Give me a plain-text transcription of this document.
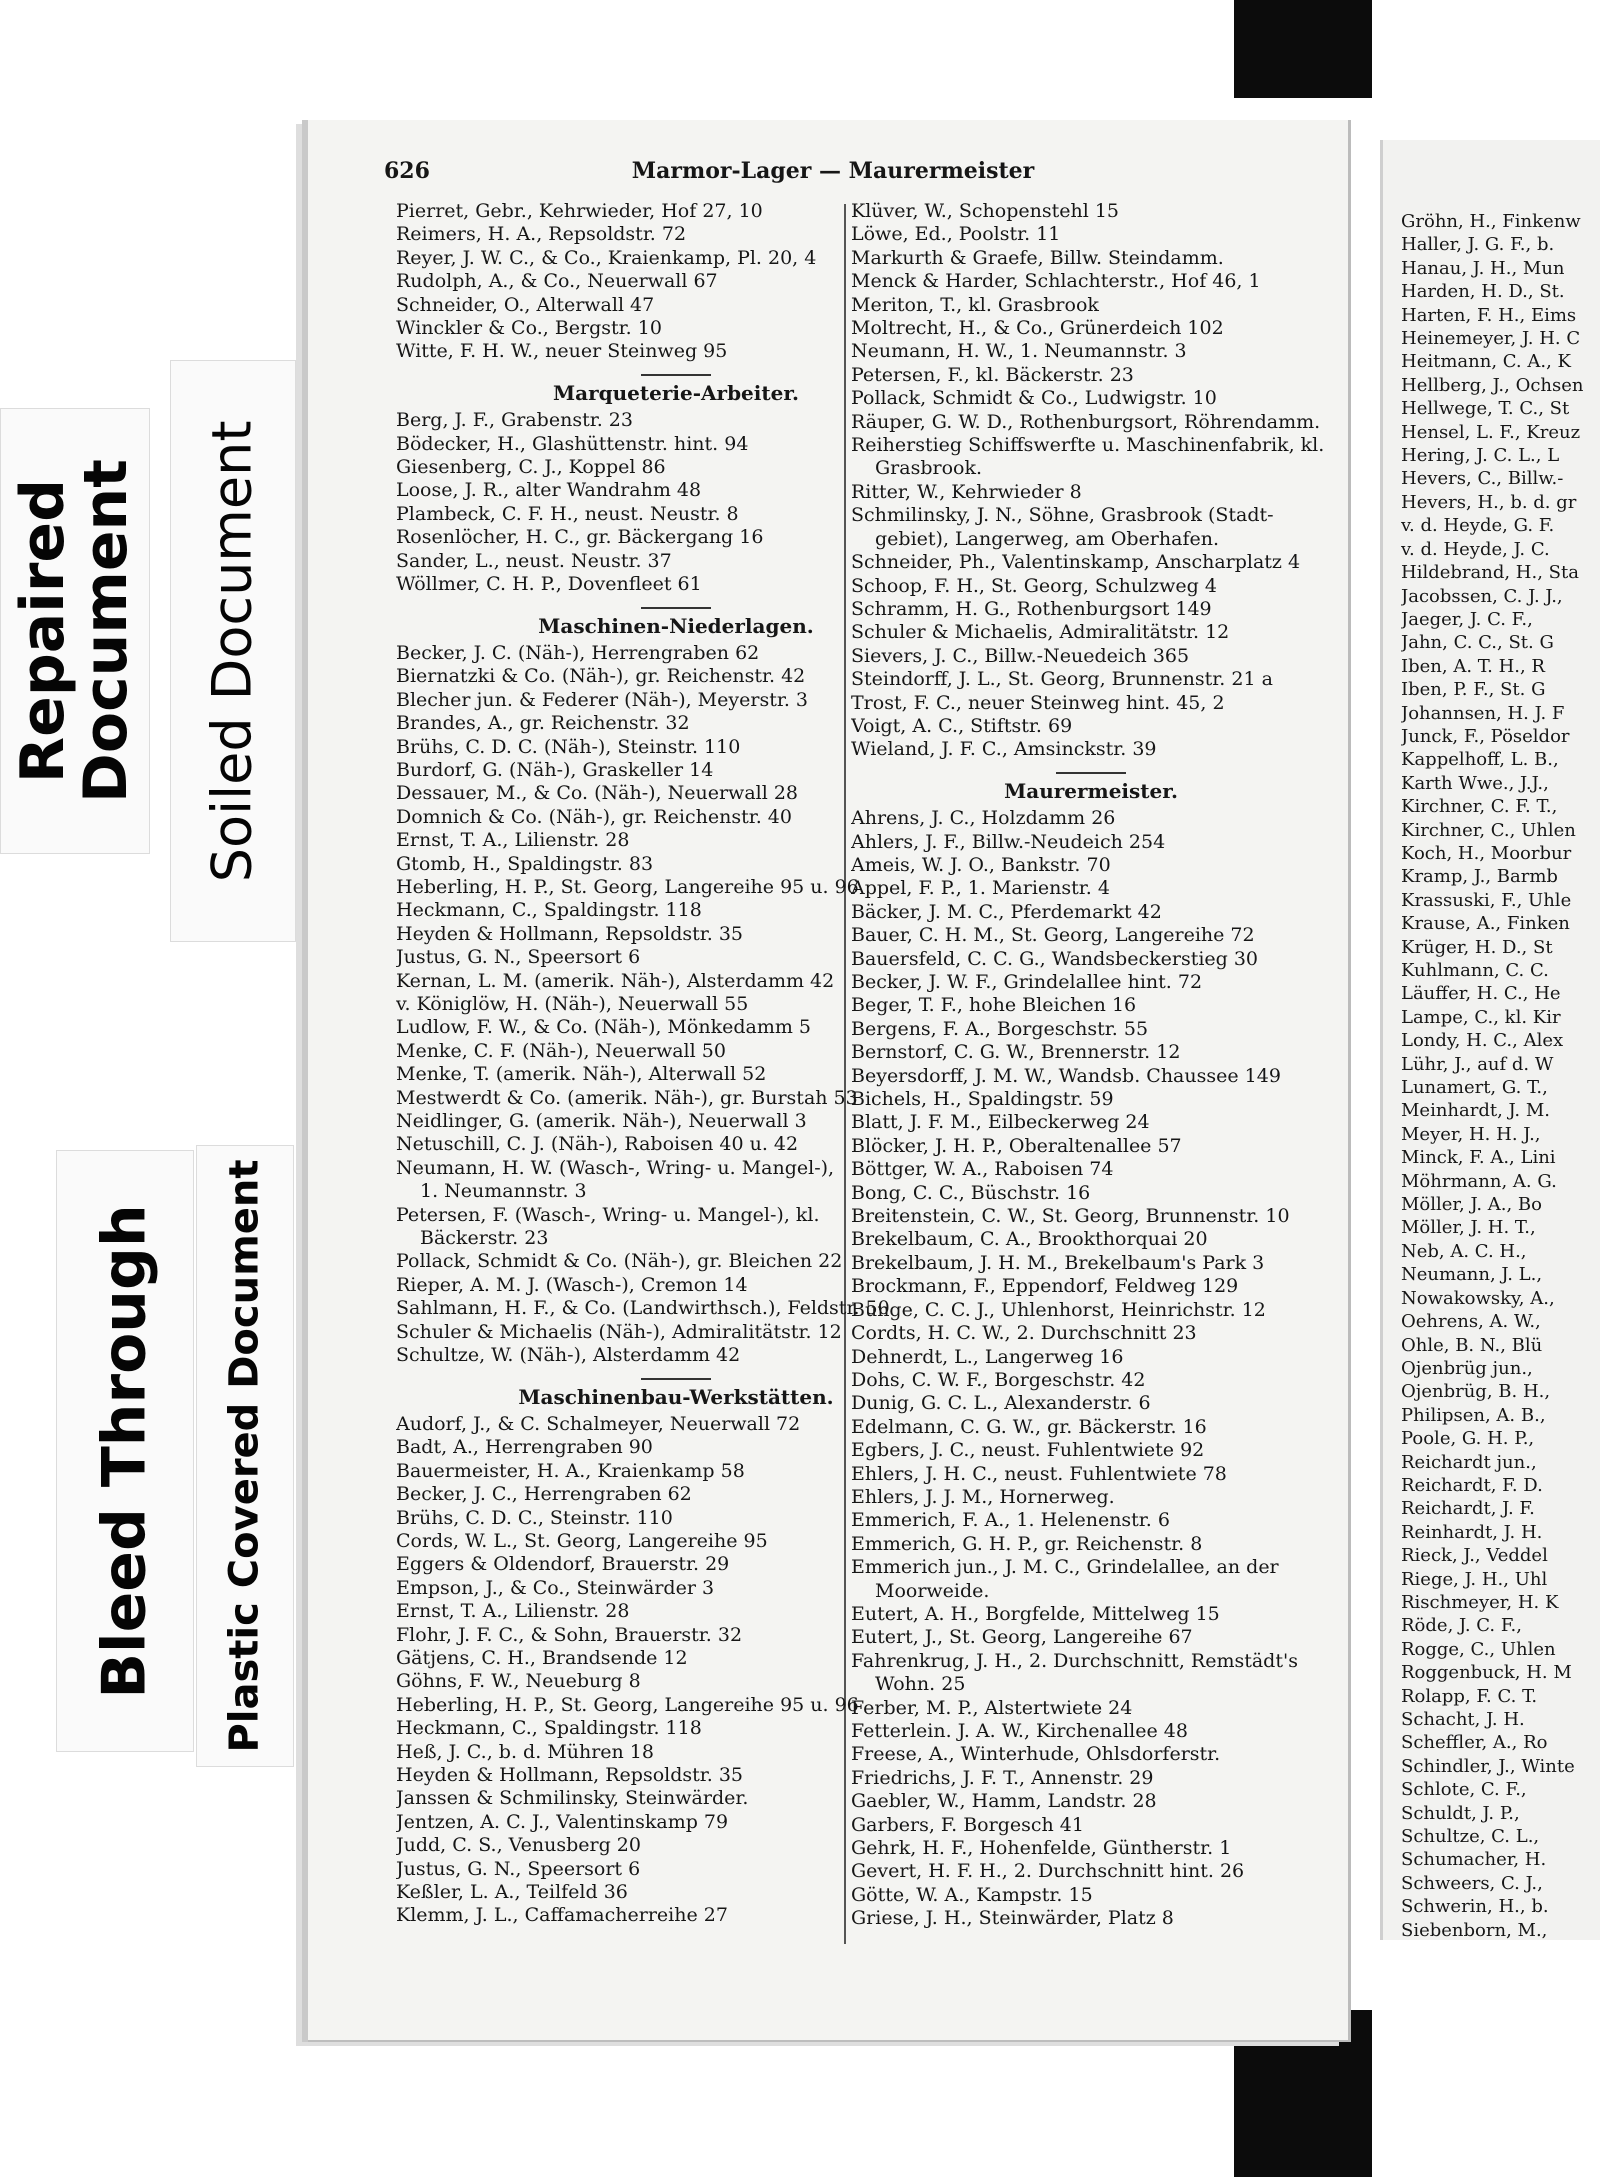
Repaired
Document Soiled Document
Bleed Through Plastic Covered Document
626	Marmor-Lager — Maurermeister
Pierret, Gebr., Kehrwieder, Hof 27, 10
Reimers, H. A., Repsoldstr. 72
Reyer, J. W. C., & Co., Kraienkamp, Pl. 20, 4
Rudolph, A., & Co., Neuerwall 67
Schneider, O., Alterwall 47
Winckler & Co., Bergstr. 10
Witte, F. H. W., neuer Steinweg 95
Marqueterie-Arbeiter.
Berg, J. F., Grabenstr. 23
Bödecker, H., Glashüttenstr. hint. 94
Giesenberg, C. J., Koppel 86
Loose, J. R., alter Wandrahm 48
Plambeck, C. F. H., neust. Neustr. 8
Rosenlöcher, H. C., gr. Bäckergang 16
Sander, L., neust. Neustr. 37
Wöllmer, C. H. P., Dovenfleet 61
Maschinen-Niederlagen.
Becker, J. C. (Näh-), Herrengraben 62
Biernatzki & Co. (Näh-), gr. Reichenstr. 42
Blecher jun. & Federer (Näh-), Meyerstr. 3
Brandes, A., gr. Reichenstr. 32
Brühs, C. D. C. (Näh-), Steinstr. 110
Burdorf, G. (Näh-), Graskeller 14
Dessauer, M., & Co. (Näh-), Neuerwall 28
Domnich & Co. (Näh-), gr. Reichenstr. 40
Ernst, T. A., Lilienstr. 28
Gtomb, H., Spaldingstr. 83
Heberling, H. P., St. Georg, Langereihe 95 u. 96
Heckmann, C., Spaldingstr. 118
Heyden & Hollmann, Repsoldstr. 35
Justus, G. N., Speersort 6
Kernan, L. M. (amerik. Näh-), Alsterdamm 42
v. Königlöw, H. (Näh-), Neuerwall 55
Ludlow, F. W., & Co. (Näh-), Mönkedamm 5
Menke, C. F. (Näh-), Neuerwall 50
Menke, T. (amerik. Näh-), Alterwall 52
Mestwerdt & Co. (amerik. Näh-), gr. Burstah 53
Neidlinger, G. (amerik. Näh-), Neuerwall 3
Netuschill, C. J. (Näh-), Raboisen 40 u. 42
Neumann, H. W. (Wasch-, Wring- u. Mangel-),
1. Neumannstr. 3
Petersen, F. (Wasch-, Wring- u. Mangel-), kl.
Bäckerstr. 23
Pollack, Schmidt & Co. (Näh-), gr. Bleichen 22
Rieper, A. M. J. (Wasch-), Cremon 14
Sahlmann, H. F., & Co. (Landwirthsch.), Feldstr. 50
Schuler & Michaelis (Näh-), Admiralitätstr. 12
Schultze, W. (Näh-), Alsterdamm 42
Maschinenbau-Werkstätten.
Audorf, J., & C. Schalmeyer, Neuerwall 72
Badt, A., Herrengraben 90
Bauermeister, H. A., Kraienkamp 58
Becker, J. C., Herrengraben 62
Brühs, C. D. C., Steinstr. 110
Cords, W. L., St. Georg, Langereihe 95
Eggers & Oldendorf, Brauerstr. 29
Empson, J., & Co., Steinwärder 3
Ernst, T. A., Lilienstr. 28
Flohr, J. F. C., & Sohn, Brauerstr. 32
Gätjens, C. H., Brandsende 12
Göhns, F. W., Neueburg 8
Heberling, H. P., St. Georg, Langereihe 95 u. 96
Heckmann, C., Spaldingstr. 118
Heß, J. C., b. d. Mühren 18
Heyden & Hollmann, Repsoldstr. 35
Janssen & Schmilinsky, Steinwärder.
Jentzen, A. C. J., Valentinskamp 79
Judd, C. S., Venusberg 20
Justus, G. N., Speersort 6
Keßler, L. A., Teilfeld 36
Klemm, J. L., Caffamacherreihe 27
Klüver, W., Schopenstehl 15
Löwe, Ed., Poolstr. 11
Markurth & Graefe, Billw. Steindamm.
Menck & Harder, Schlachterstr., Hof 46, 1
Meriton, T., kl. Grasbrook
Moltrecht, H., & Co., Grünerdeich 102
Neumann, H. W., 1. Neumannstr. 3
Petersen, F., kl. Bäckerstr. 23
Pollack, Schmidt & Co., Ludwigstr. 10
Räuper, G. W. D., Rothenburgsort, Röhrendamm.
Reiherstieg Schiffswerfte u. Maschinenfabrik, kl.
Grasbrook.
Ritter, W., Kehrwieder 8
Schmilinsky, J. N., Söhne, Grasbrook (Stadt-
gebiet), Langerweg, am Oberhafen.
Schneider, Ph., Valentinskamp, Anscharplatz 4
Schoop, F. H., St. Georg, Schulzweg 4
Schramm, H. G., Rothenburgsort 149
Schuler & Michaelis, Admiralitätstr. 12
Sievers, J. C., Billw.-Neuedeich 365
Steindorff, J. L., St. Georg, Brunnenstr. 21 a
Trost, F. C., neuer Steinweg hint. 45, 2
Voigt, A. C., Stiftstr. 69
Wieland, J. F. C., Amsinckstr. 39
Maurermeister.
Ahrens, J. C., Holzdamm 26
Ahlers, J. F., Billw.-Neudeich 254
Ameis, W. J. O., Bankstr. 70
Appel, F. P., 1. Marienstr. 4
Bäcker, J. M. C., Pferdemarkt 42
Bauer, C. H. M., St. Georg, Langereihe 72
Bauersfeld, C. C. G., Wandsbeckerstieg 30
Becker, J. W. F., Grindelallee hint. 72
Beger, T. F., hohe Bleichen 16
Bergens, F. A., Borgeschstr. 55
Bernstorf, C. G. W., Brennerstr. 12
Beyersdorff, J. M. W., Wandsb. Chaussee 149
Bichels, H., Spaldingstr. 59
Blatt, J. F. M., Eilbeckerweg 24
Blöcker, J. H. P., Oberaltenallee 57
Böttger, W. A., Raboisen 74
Bong, C. C., Büschstr. 16
Breitenstein, C. W., St. Georg, Brunnenstr. 10
Brekelbaum, C. A., Brookthorquai 20
Brekelbaum, J. H. M., Brekelbaum's Park 3
Brockmann, F., Eppendorf, Feldweg 129
Bunge, C. C. J., Uhlenhorst, Heinrichstr. 12
Cordts, H. C. W., 2. Durchschnitt 23
Dehnerdt, L., Langerweg 16
Dohs, C. W. F., Borgeschstr. 42
Dunig, G. C. L., Alexanderstr. 6
Edelmann, C. G. W., gr. Bäckerstr. 16
Egbers, J. C., neust. Fuhlentwiete 92
Ehlers, J. H. C., neust. Fuhlentwiete 78
Ehlers, J. J. M., Hornerweg.
Emmerich, F. A., 1. Helenenstr. 6
Emmerich, G. H. P., gr. Reichenstr. 8
Emmerich jun., J. M. C., Grindelallee, an der
Moorweide.
Eutert, A. H., Borgfelde, Mittelweg 15
Eutert, J., St. Georg, Langereihe 67
Fahrenkrug, J. H., 2. Durchschnitt, Remstädt's
Wohn. 25
Ferber, M. P., Alstertwiete 24
Fetterlein. J. A. W., Kirchenallee 48
Freese, A., Winterhude, Ohlsdorferstr.
Friedrichs, J. F. T., Annenstr. 29
Gaebler, W., Hamm, Landstr. 28
Garbers, F. Borgesch 41
Gehrk, H. F., Hohenfelde, Güntherstr. 1
Gevert, H. F. H., 2. Durchschnitt hint. 26
Götte, W. A., Kampstr. 15
Griese, J. H., Steinwärder, Platz 8
Gröhn, H., Finkenw
Haller, J. G. F., b.
Hanau, J. H., Mun
Harden, H. D., St.
Harten, F. H., Eims
Heinemeyer, J. H. C
Heitmann, C. A., K
Hellberg, J., Ochsen
Hellwege, T. C., St
Hensel, L. F., Kreuz
Hering, J. C. L., L
Hevers, C., Billw.-
Hevers, H., b. d. gr
v. d. Heyde, G. F.
v. d. Heyde, J. C.
Hildebrand, H., Sta
Jacobssen, C. J. J.,
Jaeger, J. C. F.,
Jahn, C. C., St. G
Iben, A. T. H., R
Iben, P. F., St. G
Johannsen, H. J. F
Junck, F., Pöseldor
Kappelhoff, L. B.,
Karth Wwe., J.J.,
Kirchner, C. F. T.,
Kirchner, C., Uhlen
Koch, H., Moorbur
Kramp, J., Barmb
Krassuski, F., Uhle
Krause, A., Finken
Krüger, H. D., St
Kuhlmann, C. C.
Läuffer, H. C., He
Lampe, C., kl. Kir
Londy, H. C., Alex
Lühr, J., auf d. W
Lunamert, G. T.,
Meinhardt, J. M.
Meyer, H. H. J.,
Minck, F. A., Lini
Möhrmann, A. G.
Möller, J. A., Bo
Möller, J. H. T.,
Neb, A. C. H.,
Neumann, J. L.,
Nowakowsky, A.,
Oehrens, A. W.,
Ohle, B. N., Blü
Ojenbrüg jun.,
Ojenbrüg, B. H.,
Philipsen, A. B.,
Poole, G. H. P.,
Reichardt jun.,
Reichardt, F. D.
Reichardt, J. F.
Reinhardt, J. H.
Rieck, J., Veddel
Riege, J. H., Uhl
Rischmeyer, H. K
Röde, J. C. F.,
Rogge, C., Uhlen
Roggenbuck, H. M
Rolapp, F. C. T.
Schacht, J. H.
Scheffler, A., Ro
Schindler, J., Winte
Schlote, C. F.,
Schuldt, J. P.,
Schultze, C. L.,
Schumacher, H.
Schweers, C. J.,
Schwerin, H., b.
Siebenborn, M.,
